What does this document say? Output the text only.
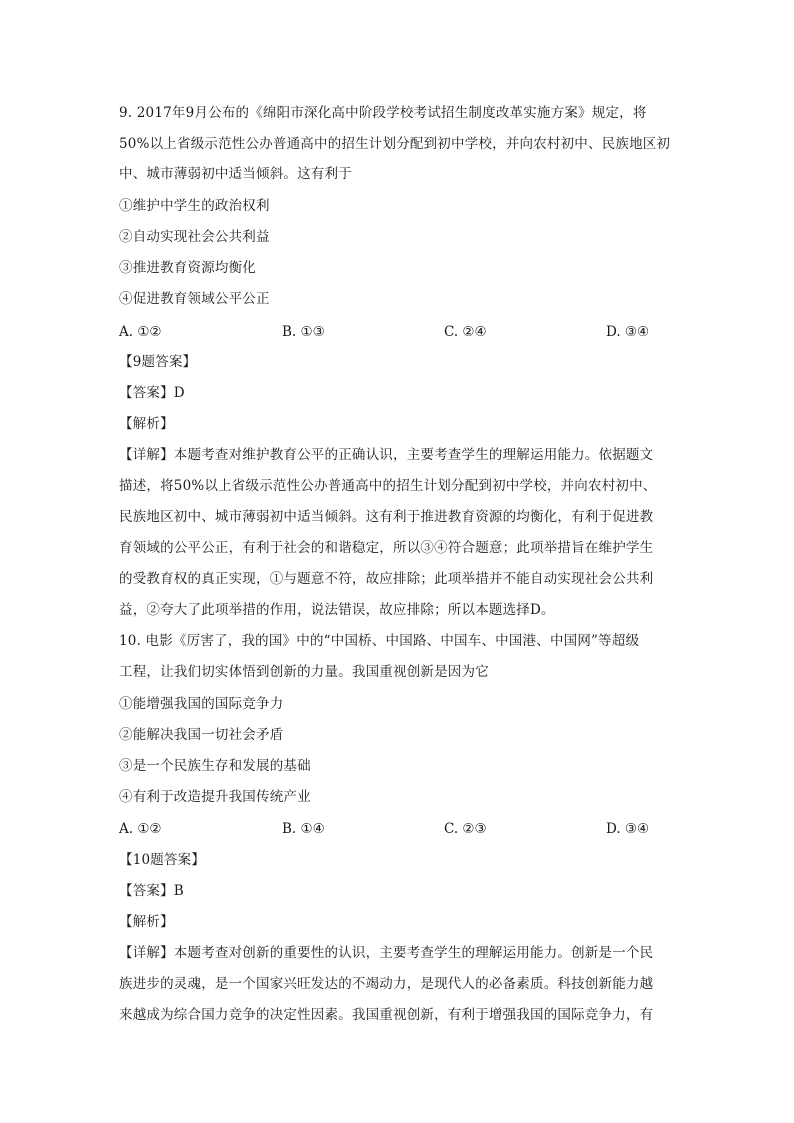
9. 2017年9月公布的《绵阳市深化高中阶段学校考试招生制度改革实施方案》规定，将
50%以上省级示范性公办普通高中的招生计划分配到初中学校，并向农村初中、民族地区初
中、城市薄弱初中适当倾斜。这有利于
①维护中学生的政治权利
②自动实现社会公共利益
③推进教育资源均衡化
④促进教育领域公平公正
A. ①②	B. ①③	C. ②④	D. ③④
【9题答案】
【答案】D
【解析】
【详解】本题考查对维护教育公平的正确认识，主要考查学生的理解运用能力。依据题文
描述，将50%以上省级示范性公办普通高中的招生计划分配到初中学校，并向农村初中、
民族地区初中、城市薄弱初中适当倾斜。这有利于推进教育资源的均衡化，有利于促进教
育领域的公平公正，有利于社会的和谐稳定，所以③④符合题意；此项举措旨在维护学生
的受教育权的真正实现，①与题意不符，故应排除；此项举措并不能自动实现社会公共利
益，②夸大了此项举措的作用，说法错误，故应排除；所以本题选择D。
10. 电影《厉害了，我的国》中的“中国桥、中国路、中国车、中国港、中国网”等超级
工程，让我们切实体悟到创新的力量。我国重视创新是因为它
①能增强我国的国际竞争力
②能解决我国一切社会矛盾
③是一个民族生存和发展的基础
④有利于改造提升我国传统产业
A. ①②	B. ①④	C. ②③	D. ③④
【10题答案】
【答案】B
【解析】
【详解】本题考查对创新的重要性的认识，主要考查学生的理解运用能力。创新是一个民
族进步的灵魂，是一个国家兴旺发达的不竭动力，是现代人的必备素质。科技创新能力越
来越成为综合国力竞争的决定性因素。我国重视创新，有利于增强我国的国际竞争力，有
